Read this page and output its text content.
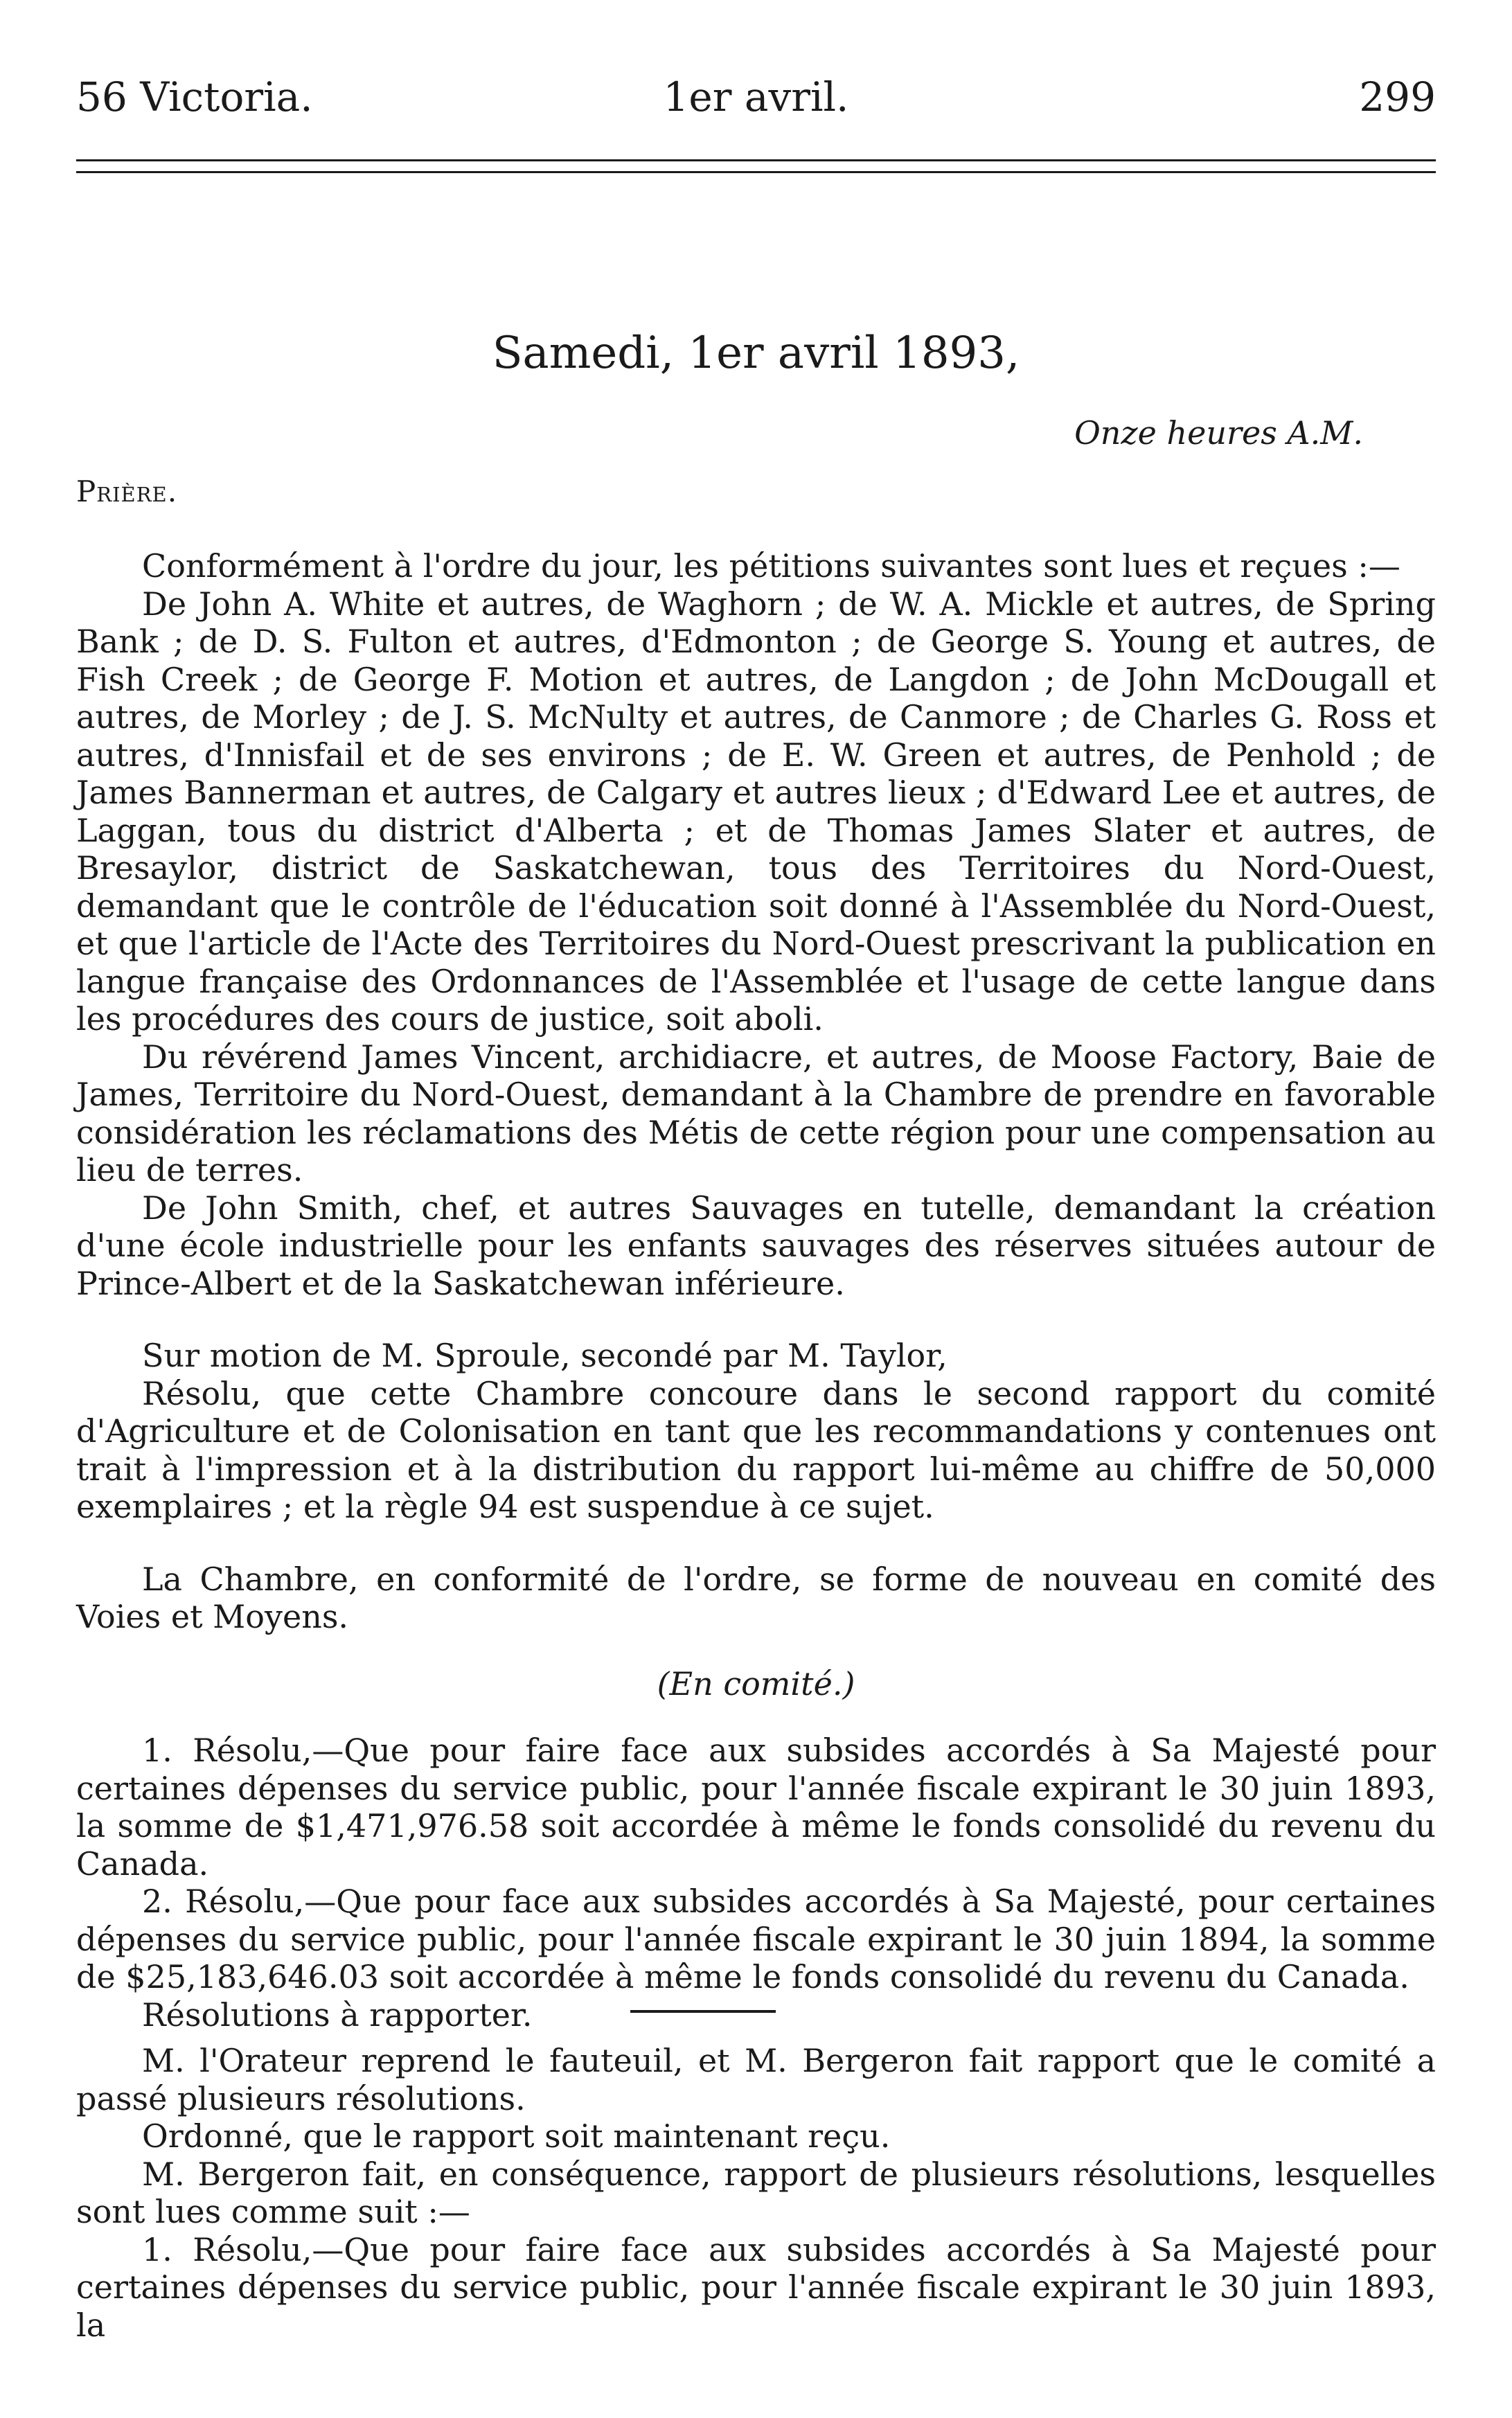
56 Victoria.	1er avril.	299
Samedi, 1er avril 1893,
Onze heures A.M.
Prière.

Conformément à l'ordre du jour, les pétitions suivantes sont lues et reçues :—

De John A. White et autres, de Waghorn ; de W. A. Mickle et autres, de Spring Bank ; de D. S. Fulton et autres, d'Edmonton ; de George S. Young et autres, de Fish Creek ; de George F. Motion et autres, de Langdon ; de John McDougall et autres, de Morley ; de J. S. McNulty et autres, de Canmore ; de Charles G. Ross et autres, d'Innisfail et de ses environs ; de E. W. Green et autres, de Penhold ; de James Bannerman et autres, de Calgary et autres lieux ; d'Edward Lee et autres, de Laggan, tous du district d'Alberta ; et de Thomas James Slater et autres, de Bresaylor, district de Saskatchewan, tous des Territoires du Nord-Ouest, demandant que le contrôle de l'éducation soit donné à l'Assemblée du Nord-Ouest, et que l'article de l'Acte des Territoires du Nord-Ouest prescrivant la publication en langue française des Ordonnances de l'Assemblée et l'usage de cette langue dans les procédures des cours de justice, soit aboli.

Du révérend James Vincent, archidiacre, et autres, de Moose Factory, Baie de James, Territoire du Nord-Ouest, demandant à la Chambre de prendre en favorable considération les réclamations des Métis de cette région pour une compensation au lieu de terres.

De John Smith, chef, et autres Sauvages en tutelle, demandant la création d'une école industrielle pour les enfants sauvages des réserves situées autour de Prince-Albert et de la Saskatchewan inférieure.

Sur motion de M. Sproule, secondé par M. Taylor,

Résolu, que cette Chambre concoure dans le second rapport du comité d'Agriculture et de Colonisation en tant que les recommandations y contenues ont trait à l'impression et à la distribution du rapport lui-même au chiffre de 50,000 exemplaires ; et la règle 94 est suspendue à ce sujet.

La Chambre, en conformité de l'ordre, se forme de nouveau en comité des Voies et Moyens.

(En comité.)

1. Résolu,—Que pour faire face aux subsides accordés à Sa Majesté pour certaines dépenses du service public, pour l'année fiscale expirant le 30 juin 1893, la somme de $1,471,976.58 soit accordée à même le fonds consolidé du revenu du Canada.

2. Résolu,—Que pour face aux subsides accordés à Sa Majesté, pour certaines dépenses du service public, pour l'année fiscale expirant le 30 juin 1894, la somme de $25,183,646.03 soit accordée à même le fonds consolidé du revenu du Canada.

Résolutions à rapporter.

M. l'Orateur reprend le fauteuil, et M. Bergeron fait rapport que le comité a passé plusieurs résolutions.

Ordonné, que le rapport soit maintenant reçu.

M. Bergeron fait, en conséquence, rapport de plusieurs résolutions, lesquelles sont lues comme suit :—

1. Résolu,—Que pour faire face aux subsides accordés à Sa Majesté pour certaines dépenses du service public, pour l'année fiscale expirant le 30 juin 1893, la
